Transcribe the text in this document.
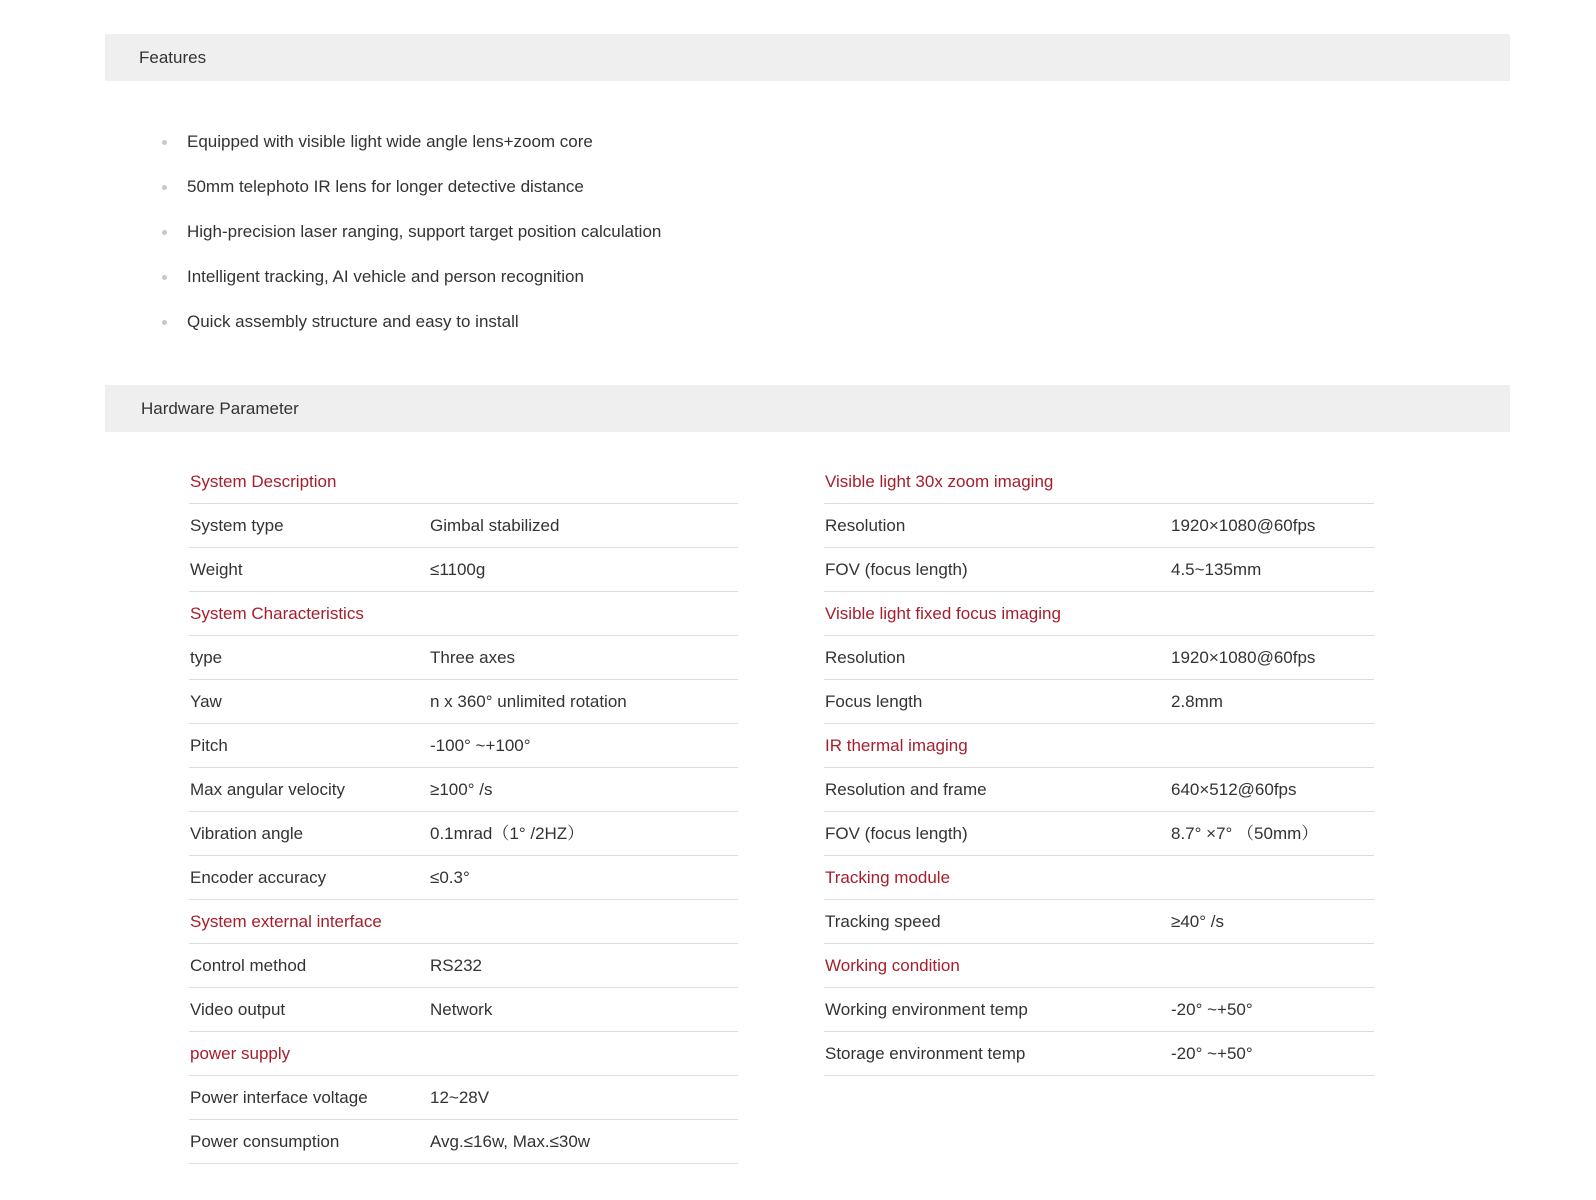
Features
Equipped with visible light wide angle lens+zoom core
50mm telephoto IR lens for longer detective distance
High-precision laser ranging, support target position calculation
Intelligent tracking, AI vehicle and person recognition
Quick assembly structure and easy to install
Hardware Parameter
System Description
System type	Gimbal stabilized
Weight	≤1100g
System Characteristics
type	Three axes
Yaw	n x 360° unlimited rotation
Pitch	-100° ~+100°
Max angular velocity	≥100° /s
Vibration angle	0.1mrad（1° /2HZ）
Encoder accuracy	≤0.3°
System external interface
Control method	RS232
Video output	Network
power supply
Power interface voltage	12~28V
Power consumption	Avg.≤16w, Max.≤30w
Visible light 30x zoom imaging
Resolution	1920×1080@60fps
FOV (focus length)	4.5~135mm
Visible light fixed focus imaging
Resolution	1920×1080@60fps
Focus length	2.8mm
IR thermal imaging
Resolution and frame	640×512@60fps
FOV (focus length)	8.7° ×7° （50mm）
Tracking module
Tracking speed	≥40° /s
Working condition
Working environment temp	-20° ~+50°
Storage environment temp	-20° ~+50°
